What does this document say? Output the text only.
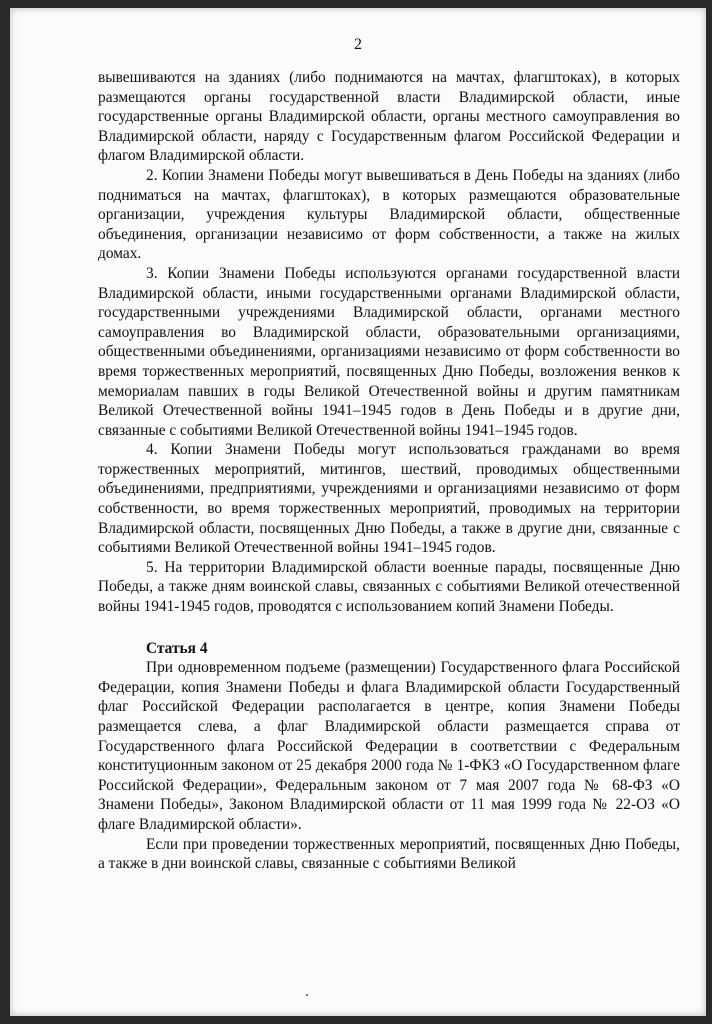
2

вывешиваются на зданиях (либо поднимаются на мачтах, флагштоках), в которых размещаются органы государственной власти Владимирской области, иные государственные органы Владимирской области, органы местного самоуправления во Владимирской области, наряду с Государственным флагом Российской Федерации и флагом Владимирской области.

2. Копии Знамени Победы могут вывешиваться в День Победы на зданиях (либо подниматься на мачтах, флагштоках), в которых размещаются образовательные организации, учреждения культуры Владимирской области, общественные объединения, организации независимо от форм собственности, а также на жилых домах.

3. Копии Знамени Победы используются органами государственной власти Владимирской области, иными государственными органами Владимирской области, государственными учреждениями Владимирской области, органами местного самоуправления во Владимирской области, образовательными организациями, общественными объединениями, организациями независимо от форм собственности во время торжественных мероприятий, посвященных Дню Победы, возложения венков к мемориалам павших в годы Великой Отечественной войны и другим памятникам Великой Отечественной войны 1941–1945 годов в День Победы и в другие дни, связанные с событиями Великой Отечественной войны 1941–1945 годов.

4. Копии Знамени Победы могут использоваться гражданами во время торжественных мероприятий, митингов, шествий, проводимых общественными объединениями, предприятиями, учреждениями и организациями независимо от форм собственности, во время торжественных мероприятий, проводимых на территории Владимирской области, посвященных Дню Победы, а также в другие дни, связанные с событиями Великой Отечественной войны 1941–1945 годов.

5. На территории Владимирской области военные парады, посвященные Дню Победы, а также дням воинской славы, связанных с событиями Великой отечественной войны 1941-1945 годов, проводятся с использованием копий Знамени Победы.

Статья 4

При одновременном подъеме (размещении) Государственного флага Российской Федерации, копия Знамени Победы и флага Владимирской области Государственный флаг Российской Федерации располагается в центре, копия Знамени Победы размещается слева, а флаг Владимирской области размещается справа от Государственного флага Российской Федерации в соответствии с Федеральным конституционным законом от 25 декабря 2000 года № 1-ФКЗ «О Государственном флаге Российской Федерации», Федеральным законом от 7 мая 2007 года № 68-ФЗ «О Знамени Победы», Законом Владимирской области от 11 мая 1999 года № 22-ОЗ «О флаге Владимирской области».

Если при проведении торжественных мероприятий, посвященных Дню Победы, а также в дни воинской славы, связанные с событиями Великой
